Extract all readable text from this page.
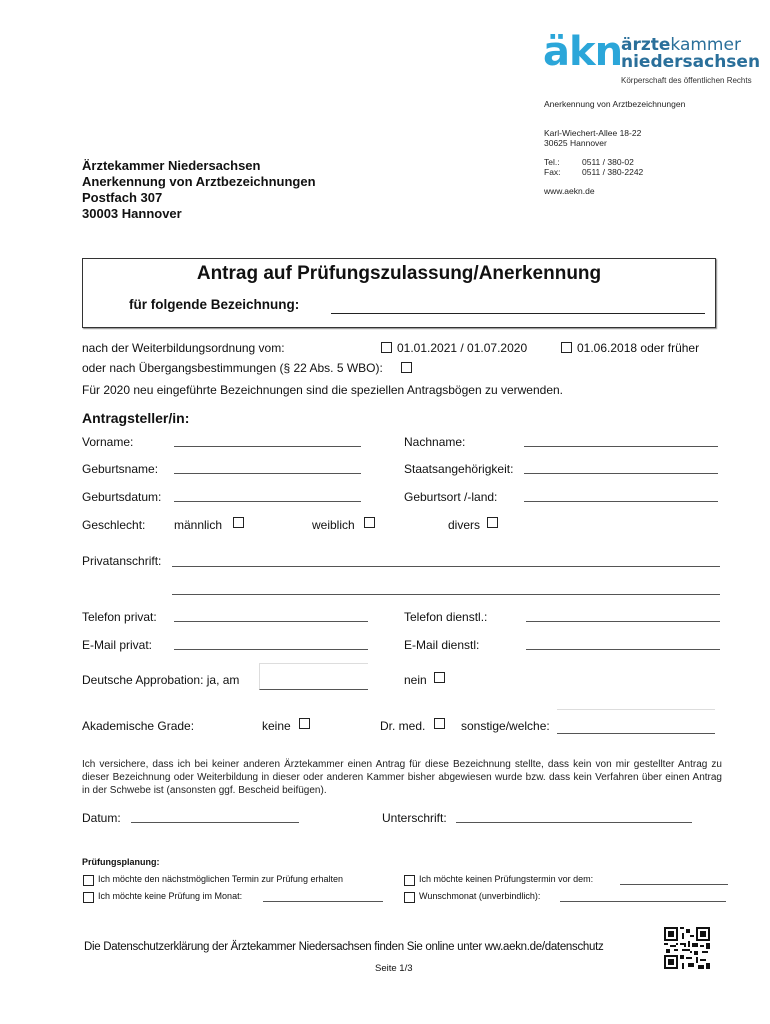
äkn
ärztekammer
niedersachsen
Körperschaft des öffentlichen Rechts
Anerkennung von Arztbezeichnungen
Karl-Wiechert-Allee 18-22
30625 Hannover
Tel.:	0511 / 380-02
Fax:	0511 / 380-2242
www.aekn.de
Ärztekammer Niedersachsen
Anerkennung von Arztbezeichnungen
Postfach 307
30003 Hannover
Antrag auf Prüfungszulassung/Anerkennung
für folgende Bezeichnung:
nach der Weiterbildungsordnung vom:	01.01.2021 / 01.07.2020	01.06.2018 oder früher
oder nach Übergangsbestimmungen (§ 22 Abs. 5 WBO):
Für 2020 neu eingeführte Bezeichnungen sind die speziellen Antragsbögen zu verwenden.
Antragsteller/in:
Vorname:	Nachname:
Geburtsname:	Staatsangehörigkeit:
Geburtsdatum:	Geburtsort /-land:
Geschlecht: männlich	weiblich	divers
Privatanschrift:
Telefon privat:	Telefon dienstl.:
E-Mail privat:	E-Mail dienstl:
Deutsche Approbation: ja, am	nein
Akademische Grade:	keine	Dr. med.	sonstige/welche:
Ich versichere, dass ich bei keiner anderen Ärztekammer einen Antrag für diese Bezeichnung stellte, dass kein von mir gestellter Antrag zu dieser Bezeichnung oder Weiterbildung in dieser oder anderen Kammer bisher abgewiesen wurde bzw. dass kein Verfahren über einen Antrag in der Schwebe ist (ansonsten ggf. Bescheid beifügen).
Datum:	Unterschrift:
Prüfungsplanung:
Ich möchte den nächstmöglichen Termin zur Prüfung erhalten	Ich möchte keinen Prüfungstermin vor dem:
Ich möchte keine Prüfung im Monat:	Wunschmonat (unverbindlich):
Die Datenschutzerklärung der Ärztekammer Niedersachsen finden Sie online unter ww.aekn.de/datenschutz
Seite 1/3
